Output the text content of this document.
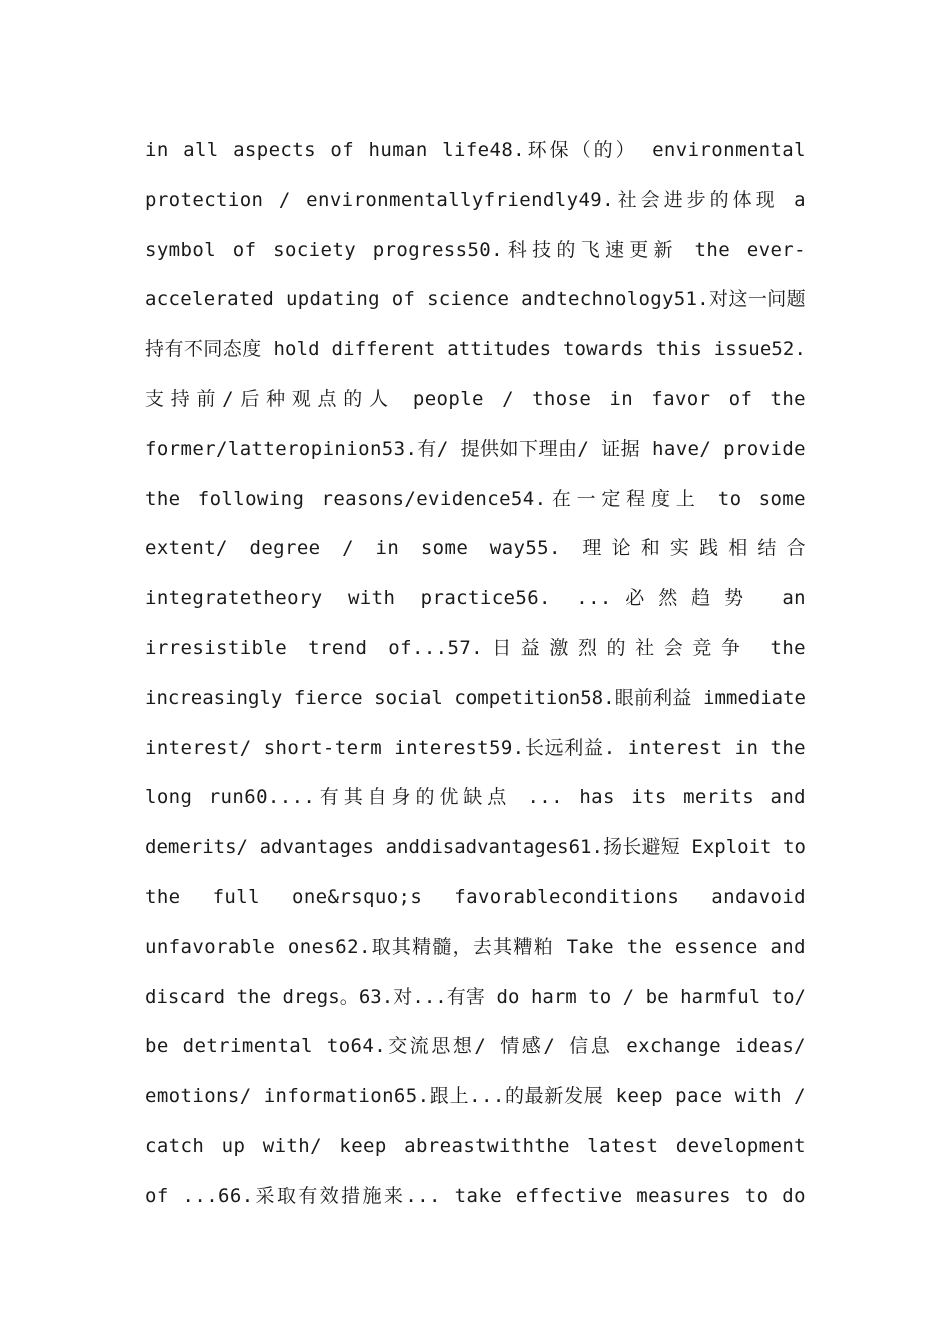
in all aspects of human life48.环保（的） environmental
protection / environmentallyfriendly49.社会进步的体现 a
symbol of society progress50.科技的飞速更新 the ever-
accelerated updating of science andtechnology51.对这一问题
持有不同态度 hold different attitudes towards this issue52.
支持前/后种观点的人 people / those in favor of the
former/latteropinion53.有/ 提供如下理由/ 证据 have/ provide
the following reasons/evidence54.在一定程度上 to some
extent/ degree / in some way55. 理论和实践相结合
integratetheory with practice56. ...必然趋势 an
irresistible trend of...57.日益激烈的社会竞争 the
increasingly fierce social competition58.眼前利益 immediate
interest/ short-term interest59.长远利益. interest in the
long run60....有其自身的优缺点 ... has its merits and
demerits/ advantages anddisadvantages61.扬长避短 Exploit to
the full one&rsquo;s favorableconditions andavoid
unfavorable ones62.取其精髓，去其糟粕 Take the essence and
discard the dregs。63.对...有害 do harm to / be harmful to/
be detrimental to64.交流思想/ 情感/ 信息 exchange ideas/
emotions/ information65.跟上...的最新发展 keep pace with /
catch up with/ keep abreastwiththe latest development
of ...66.采取有效措施来... take effective measures to do
